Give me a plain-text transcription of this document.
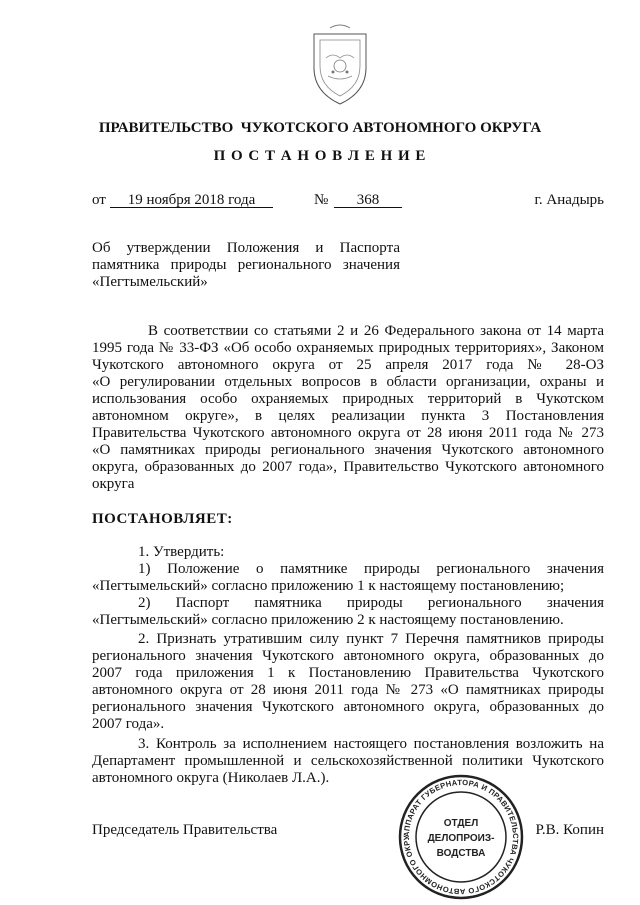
ПРАВИТЕЛЬСТВО  ЧУКОТСКОГО АВТОНОМНОГО ОКРУГА
П О С Т А Н О В Л Е Н И Е
от	19 ноября 2018 года	№	368	г. Анадырь
Об утверждении Положения и Паспорта
памятника природы регионального значения
«Пегтымельский»
В соответствии со статьями 2 и 26 Федерального закона от 14 марта
1995 года № 33-ФЗ «Об особо охраняемых природных территориях», Законом
Чукотского автономного округа от 25 апреля 2017 года № 28-ОЗ
«О регулировании отдельных вопросов в области организации, охраны и
использования особо охраняемых природных территорий в Чукотском
автономном округе», в целях реализации пункта 3 Постановления
Правительства Чукотского автономного округа от 28 июня 2011 года № 273
«О памятниках природы регионального значения Чукотского автономного
округа, образованных до 2007 года», Правительство Чукотского автономного
округа
ПОСТАНОВЛЯЕТ:
1. Утвердить:
1) Положение о памятнике природы регионального значения
«Пегтымельский» согласно приложению 1 к настоящему постановлению;
2) Паспорт памятника природы регионального значения
«Пегтымельский» согласно приложению 2 к настоящему постановлению.
2. Признать утратившим силу пункт 7 Перечня памятников природы
регионального значения Чукотского автономного округа, образованных до
2007 года приложения 1 к Постановлению Правительства Чукотского
автономного округа от 28 июня 2011 года № 273 «О памятниках природы
регионального значения Чукотского автономного округа, образованных до
2007 года».
3. Контроль за исполнением настоящего постановления возложить на
Департамент промышленной и сельскохозяйственной политики Чукотского
автономного округа (Николаев Л.А.).
Председатель Правительства	Р.В. Копин
АППАРАТ ГУБЕРНАТОРА И ПРАВИТЕЛЬСТВА ЧУКОТСКОГО АВТОНОМНОГО ОКРУ
ОТДЕЛ
ДЕЛОПРОИЗ-
ВОДСТВА
